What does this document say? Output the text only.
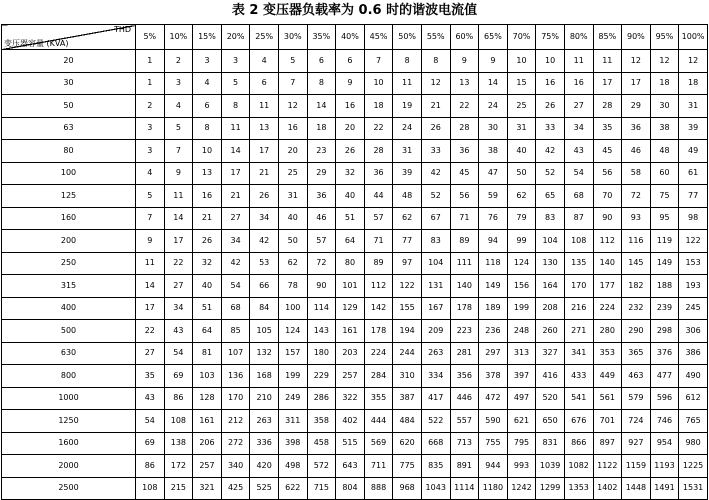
表 2 变压器负载率为 0.6 时的谐波电流值
THD
变压器容量 (KVA)	5%	10%	15%	20%	25%	30%	35%	40%	45%	50%	55%	60%	65%	70%	75%	80%	85%	90%	95%	100%
20	1	2	3	3	4	5	6	6	7	8	8	9	9	10	10	11	11	12	12	12
30	1	3	4	5	6	7	8	9	10	11	12	13	14	15	16	16	17	17	18	18
50	2	4	6	8	11	12	14	16	18	19	21	22	24	25	26	27	28	29	30	31
63	3	5	8	11	13	16	18	20	22	24	26	28	30	31	33	34	35	36	38	39
80	3	7	10	14	17	20	23	26	28	31	33	36	38	40	42	43	45	46	48	49
100	4	9	13	17	21	25	29	32	36	39	42	45	47	50	52	54	56	58	60	61
125	5	11	16	21	26	31	36	40	44	48	52	56	59	62	65	68	70	72	75	77
160	7	14	21	27	34	40	46	51	57	62	67	71	76	79	83	87	90	93	95	98
200	9	17	26	34	42	50	57	64	71	77	83	89	94	99	104	108	112	116	119	122
250	11	22	32	42	53	62	72	80	89	97	104	111	118	124	130	135	140	145	149	153
315	14	27	40	54	66	78	90	101	112	122	131	140	149	156	164	170	177	182	188	193
400	17	34	51	68	84	100	114	129	142	155	167	178	189	199	208	216	224	232	239	245
500	22	43	64	85	105	124	143	161	178	194	209	223	236	248	260	271	280	290	298	306
630	27	54	81	107	132	157	180	203	224	244	263	281	297	313	327	341	353	365	376	386
800	35	69	103	136	168	199	229	257	284	310	334	356	378	397	416	433	449	463	477	490
1000	43	86	128	170	210	249	286	322	355	387	417	446	472	497	520	541	561	579	596	612
1250	54	108	161	212	263	311	358	402	444	484	522	557	590	621	650	676	701	724	746	765
1600	69	138	206	272	336	398	458	515	569	620	668	713	755	795	831	866	897	927	954	980
2000	86	172	257	340	420	498	572	643	711	775	835	891	944	993	1039	1082	1122	1159	1193	1225
2500	108	215	321	425	525	622	715	804	888	968	1043	1114	1180	1242	1299	1353	1402	1448	1491	1531
